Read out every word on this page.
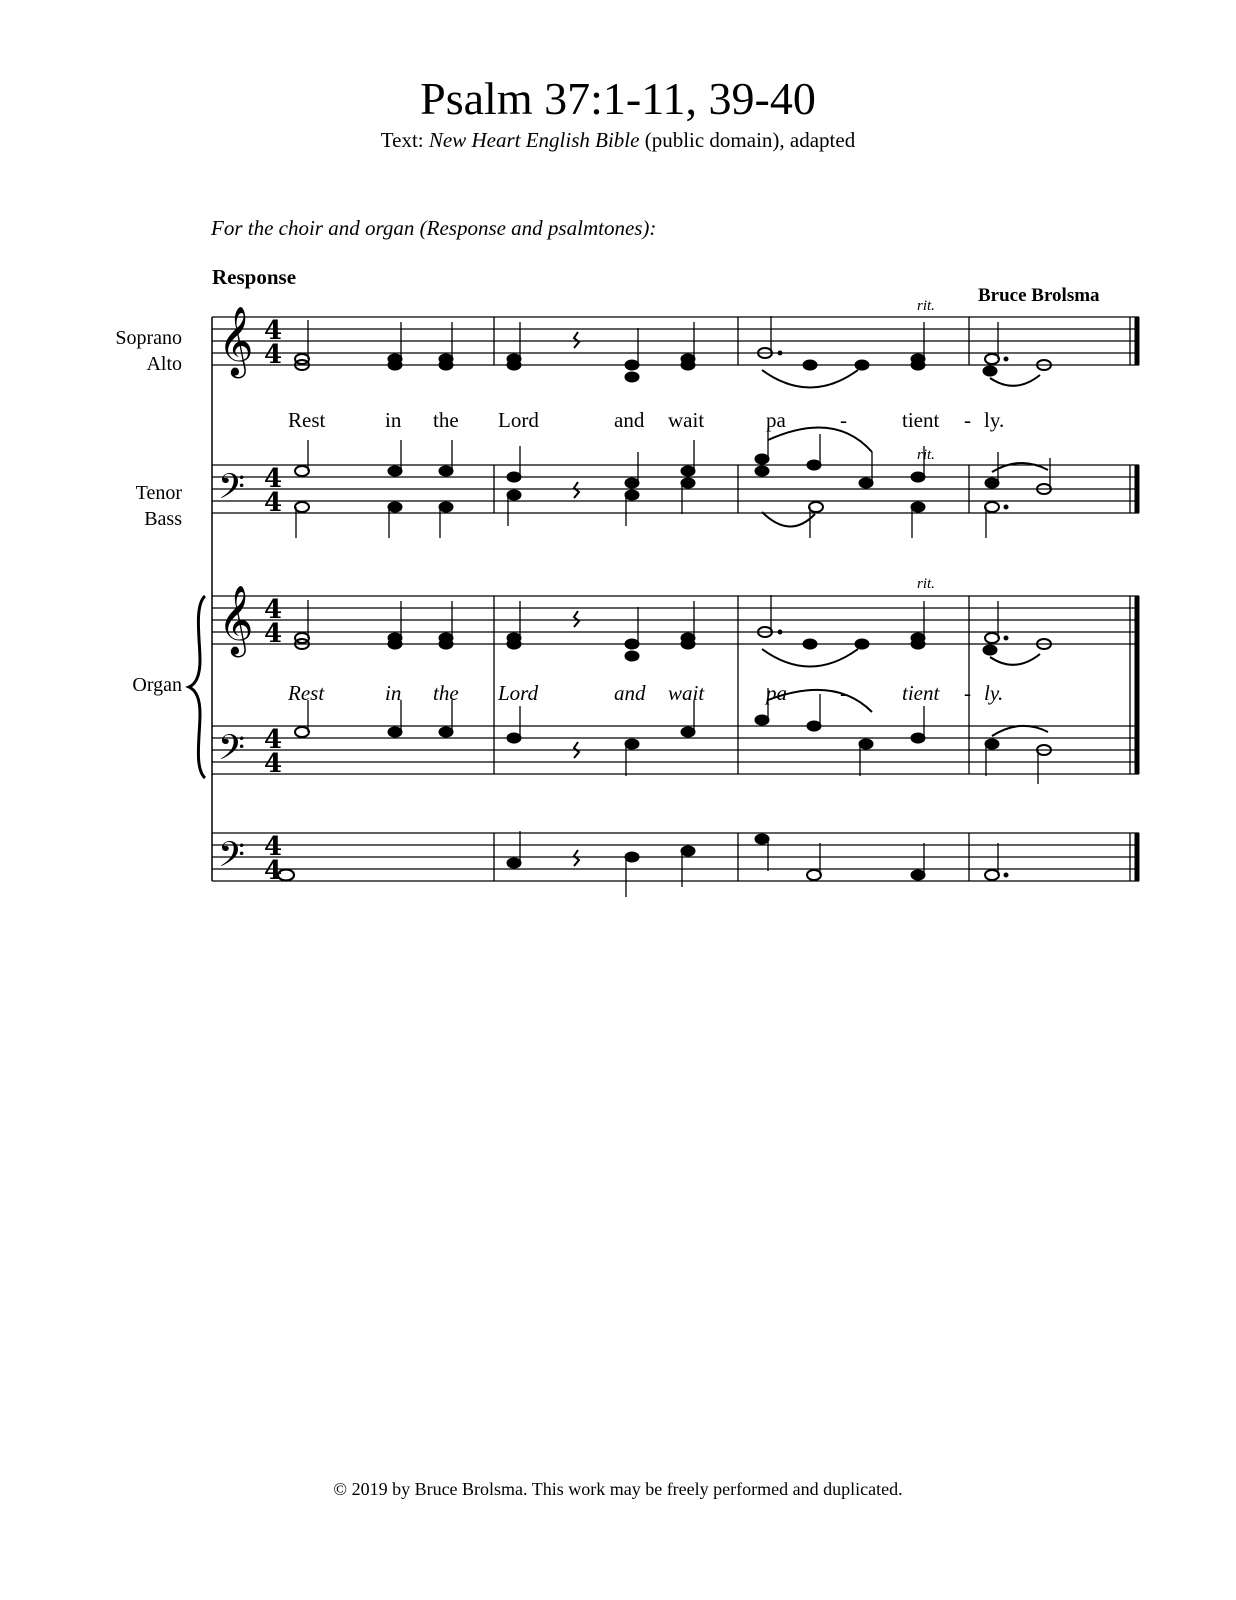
Psalm 37:1-11, 39-40
Text: New Heart English Bible (public domain), adapted
For the choir and organ (Response and psalmtones):
Response
Bruce Brolsma
Soprano
Alto
Tenor
Bass
Organ
rit.
rit.
rit.
Rest	in the Lord	and wait	pa	-	tient - ly.
Rest	in the Lord	and wait	pa	-	tient - ly.
© 2019 by Bruce Brolsma. This work may be freely performed and duplicated.
𝄞
𝄞
𝄢
𝄢
𝄢
4
4
4
4
4
4
4
4
4
4
